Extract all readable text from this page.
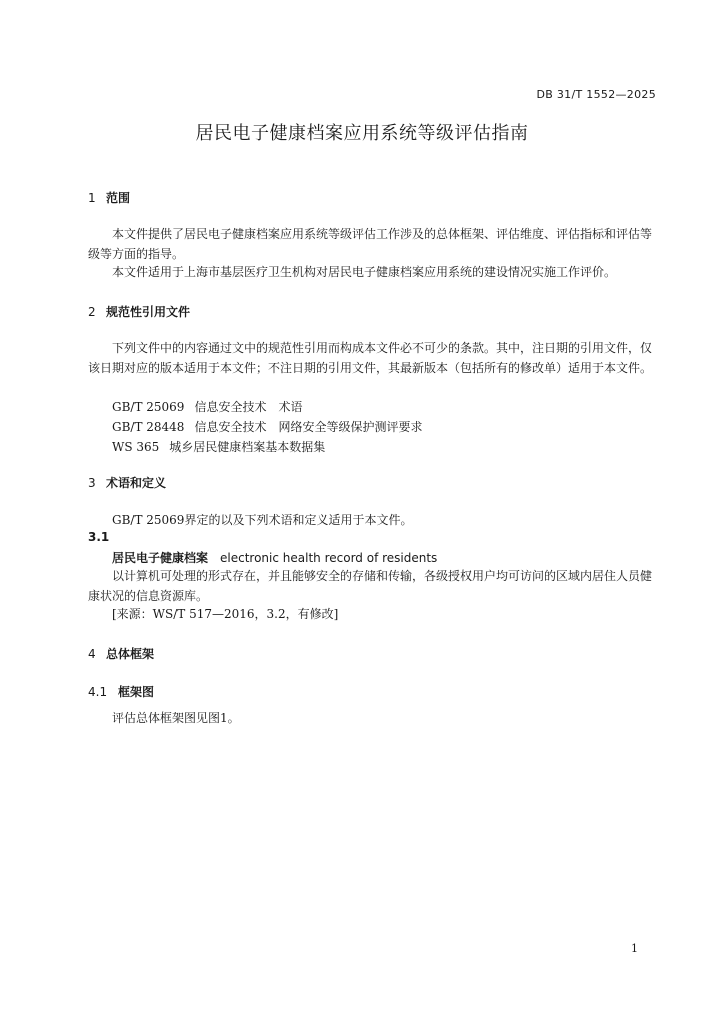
DB 31/T 1552—2025
居民电子健康档案应用系统等级评估指南
1 范围
本文件提供了居民电子健康档案应用系统等级评估工作涉及的总体框架、评估维度、评估指标和评估等级等方面的指导。
本文件适用于上海市基层医疗卫生机构对居民电子健康档案应用系统的建设情况实施工作评价。
2 规范性引用文件
下列文件中的内容通过文中的规范性引用而构成本文件必不可少的条款。其中，注日期的引用文件，仅该日期对应的版本适用于本文件；不注日期的引用文件，其最新版本（包括所有的修改单）适用于本文件。
GB/T 25069 信息安全技术　术语
GB/T 28448 信息安全技术　网络安全等级保护测评要求
WS 365 城乡居民健康档案基本数据集
3 术语和定义
GB/T 25069界定的以及下列术语和定义适用于本文件。
3.1
居民电子健康档案 electronic health record of residents
以计算机可处理的形式存在，并且能够安全的存储和传输，各级授权用户均可访问的区域内居住人员健康状况的信息资源库。
[来源：WS/T 517—2016，3.2，有修改]
4 总体框架
4.1 框架图
评估总体框架图见图1。
1
